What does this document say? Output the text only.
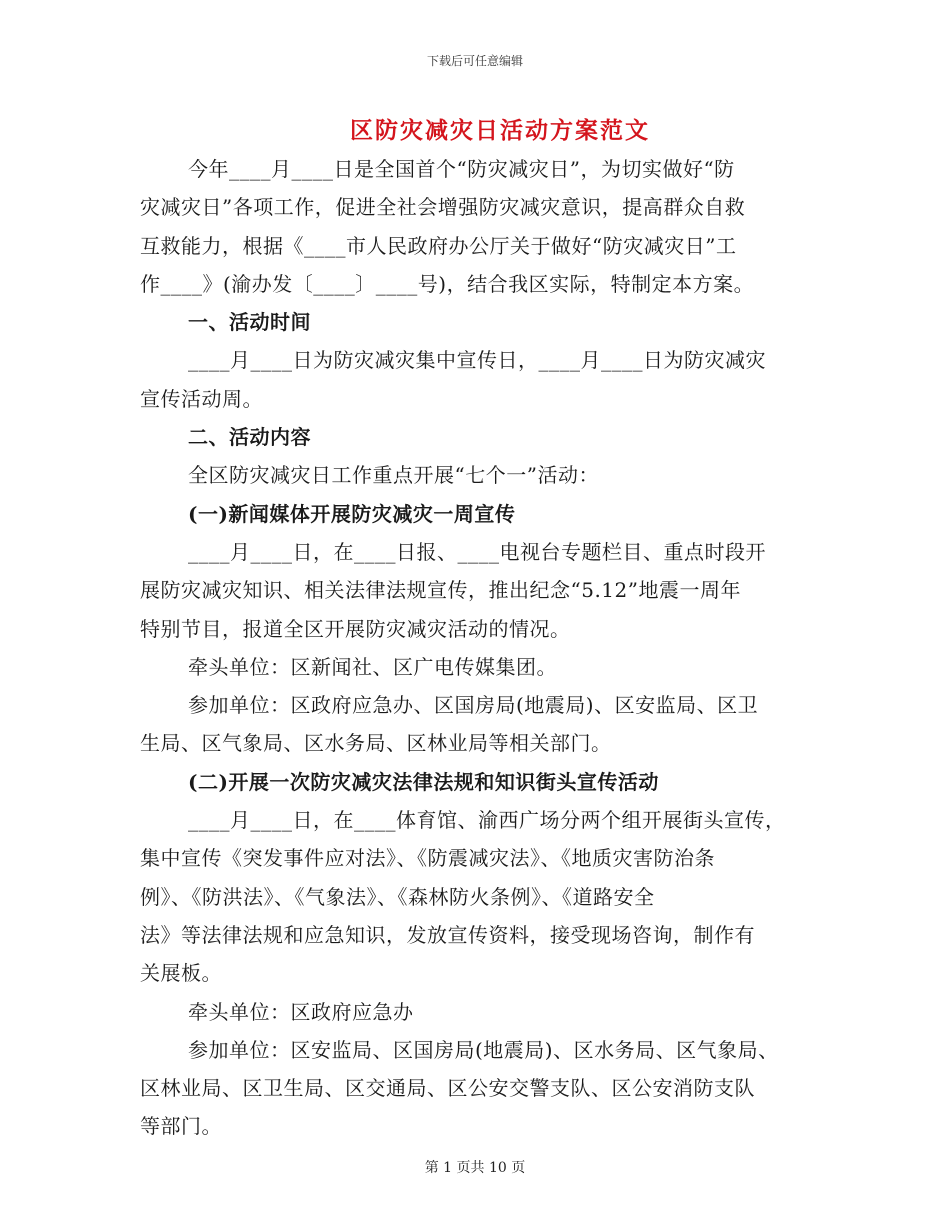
下载后可任意编辑
区防灾减灾日活动方案范文
今年____月____日是全国首个“防灾减灾日”，为切实做好“防
灾减灾日”各项工作，促进全社会增强防灾减灾意识，提高群众自救
互救能力，根据《____市人民政府办公厅关于做好“防灾减灾日”工
作____》(渝办发〔____〕____号)，结合我区实际，特制定本方案。
一、活动时间
____月____日为防灾减灾集中宣传日，____月____日为防灾减灾
宣传活动周。
二、活动内容
全区防灾减灾日工作重点开展“七个一”活动：
(一)新闻媒体开展防灾减灾一周宣传
____月____日，在____日报、____电视台专题栏目、重点时段开
展防灾减灾知识、相关法律法规宣传，推出纪念“5.12”地震一周年
特别节目，报道全区开展防灾减灾活动的情况。
牵头单位：区新闻社、区广电传媒集团。
参加单位：区政府应急办、区国房局(地震局)、区安监局、区卫
生局、区气象局、区水务局、区林业局等相关部门。
(二)开展一次防灾减灾法律法规和知识街头宣传活动
____月____日，在____体育馆、渝西广场分两个组开展街头宣传，
集中宣传《突发事件应对法》、《防震减灾法》、《地质灾害防治条
例》、《防洪法》、《气象法》、《森林防火条例》、《道路安全
法》等法律法规和应急知识，发放宣传资料，接受现场咨询，制作有
关展板。
牵头单位：区政府应急办
参加单位：区安监局、区国房局(地震局)、区水务局、区气象局、
区林业局、区卫生局、区交通局、区公安交警支队、区公安消防支队
等部门。
第 1 页共 10 页
